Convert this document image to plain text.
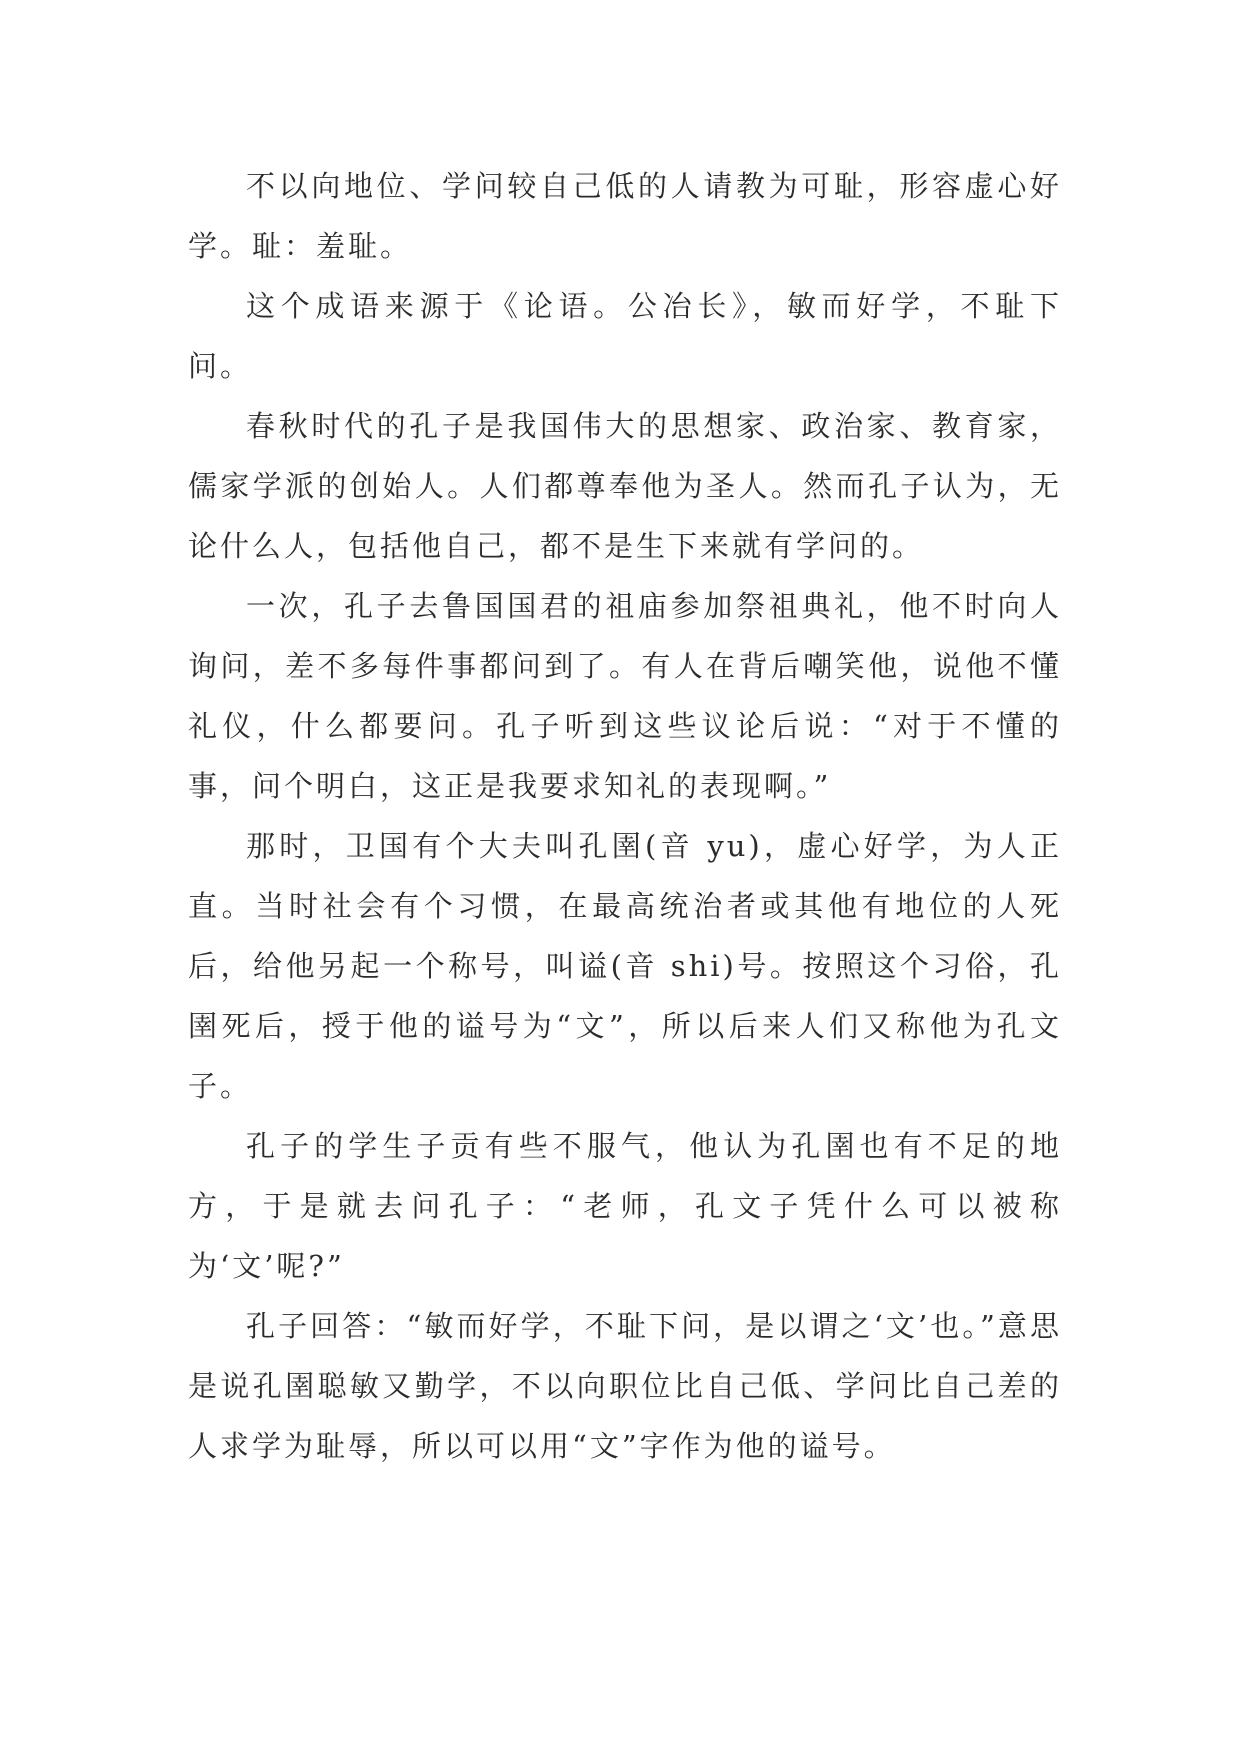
不以向地位、学问较自己低的人请教为可耻，形容虚心好学。耻：羞耻。

这个成语来源于《论语。公冶长》，敏而好学，不耻下问。

春秋时代的孔子是我国伟大的思想家、政治家、教育家，儒家学派的创始人。人们都尊奉他为圣人。然而孔子认为，无论什么人，包括他自己，都不是生下来就有学问的。

一次，孔子去鲁国国君的祖庙参加祭祖典礼，他不时向人询问，差不多每件事都问到了。有人在背后嘲笑他，说他不懂礼仪，什么都要问。孔子听到这些议论后说：“对于不懂的事，问个明白，这正是我要求知礼的表现啊。”

那时，卫国有个大夫叫孔圉(音 yu)，虚心好学，为人正直。当时社会有个习惯，在最高统治者或其他有地位的人死后，给他另起一个称号，叫谥(音 shi)号。按照这个习俗，孔圉死后，授于他的谥号为“文”，所以后来人们又称他为孔文子。

孔子的学生子贡有些不服气，他认为孔圉也有不足的地方，于是就去问孔子：“老师，孔文子凭什么可以被称为‘文’呢?”

孔子回答：“敏而好学，不耻下问，是以谓之‘文’也。”意思是说孔圉聪敏又勤学，不以向职位比自己低、学问比自己差的人求学为耻辱，所以可以用“文”字作为他的谥号。
